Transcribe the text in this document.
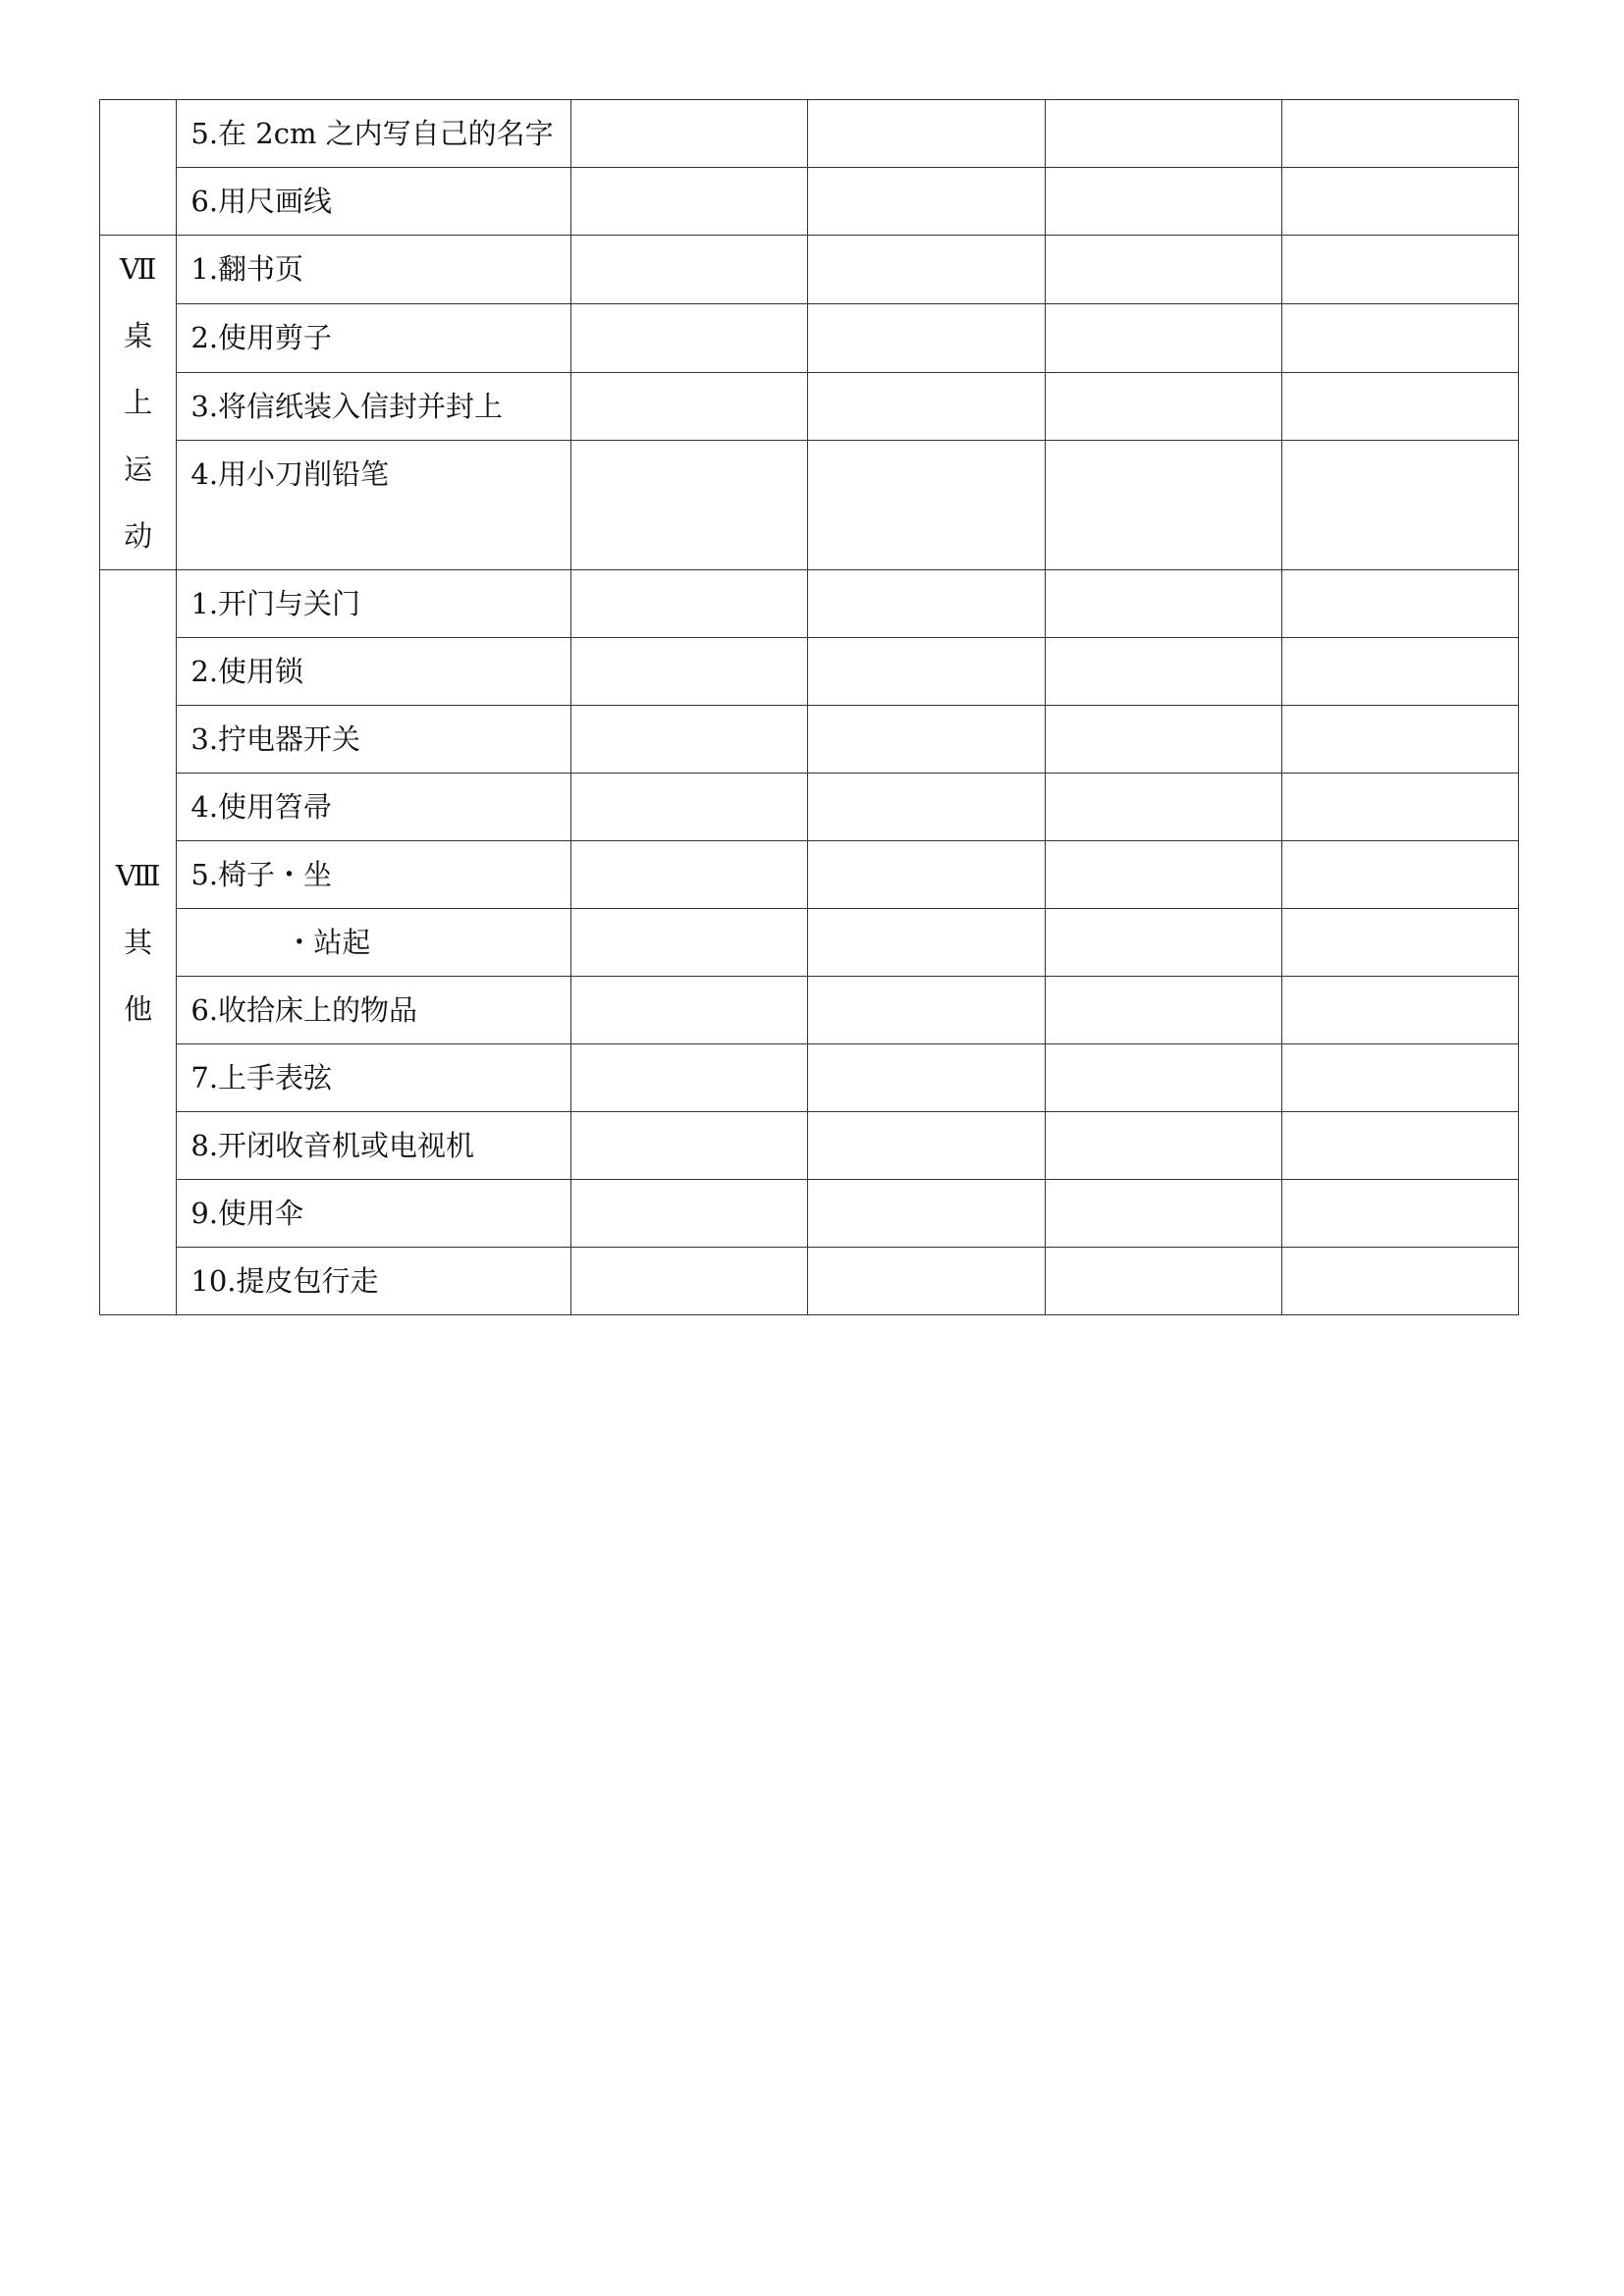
	5.在 2cm 之内写自己的名字				
	6.用尺画线				

Ⅶ
桌
上
运
动	1.翻书页				
	2.使用剪子				
	3.将信纸装入信封并封上				
	4.用小刀削铅笔				

Ⅷ
其
他	1.开门与关门				
	2.使用锁				
	3.拧电器开关				
	4.使用笤帚				
	5.椅子・坐				
	・站起				
	6.收拾床上的物品				
	7.上手表弦				
	8.开闭收音机或电视机				
	9.使用伞				
	10.提皮包行走				
